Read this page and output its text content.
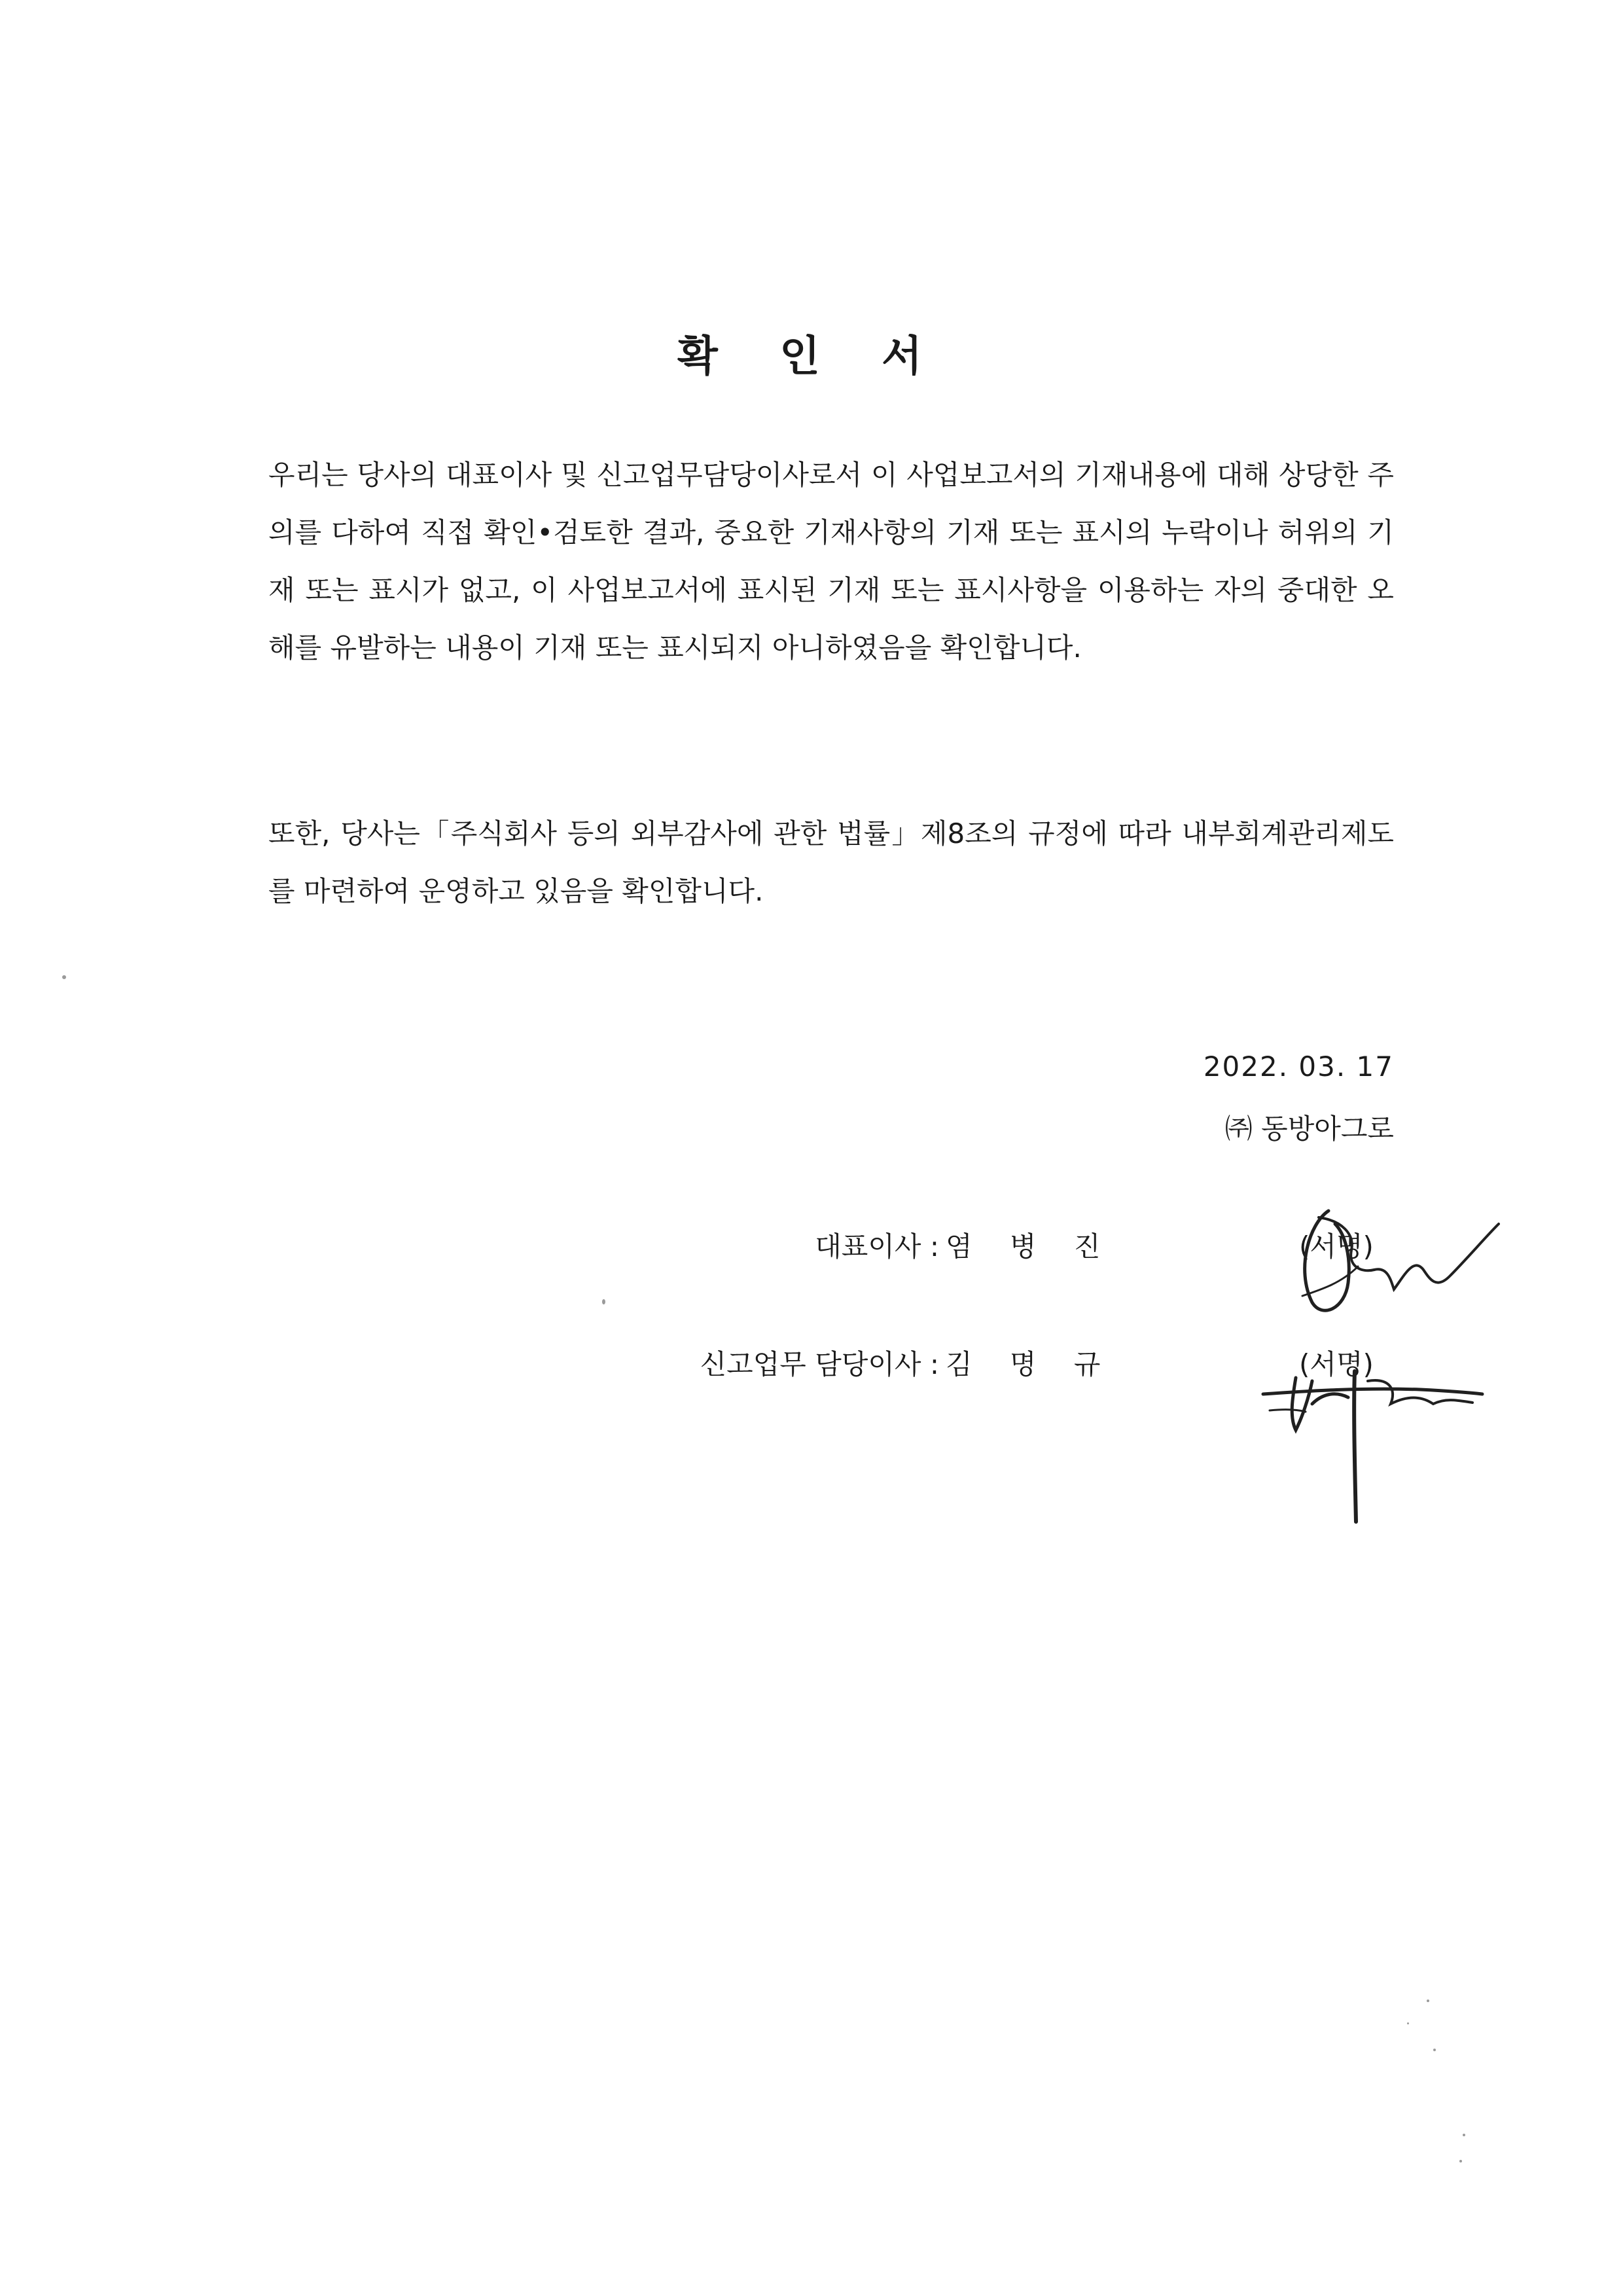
확 인 서
우리는 당사의 대표이사 및 신고업무담당이사로서 이 사업보고서의 기재내용에 대해 상당한 주의를 다하여 직접 확인•검토한 결과, 중요한 기재사항의 기재 또는 표시의 누락이나 허위의 기재 또는 표시가 없고, 이 사업보고서에 표시된 기재 또는 표시사항을 이용하는 자의 중대한 오해를 유발하는 내용이 기재 또는 표시되지 아니하였음을 확인합니다.
또한, 당사는「주식회사 등의 외부감사에 관한 법률」제8조의 규정에 따라 내부회계관리제도를 마련하여 운영하고 있음을 확인합니다.
2022. 03. 17
㈜ 동방아그로
대표이사 : 염 병 진	(서명)
신고업무 담당이사 : 김 명 규	(서명)
